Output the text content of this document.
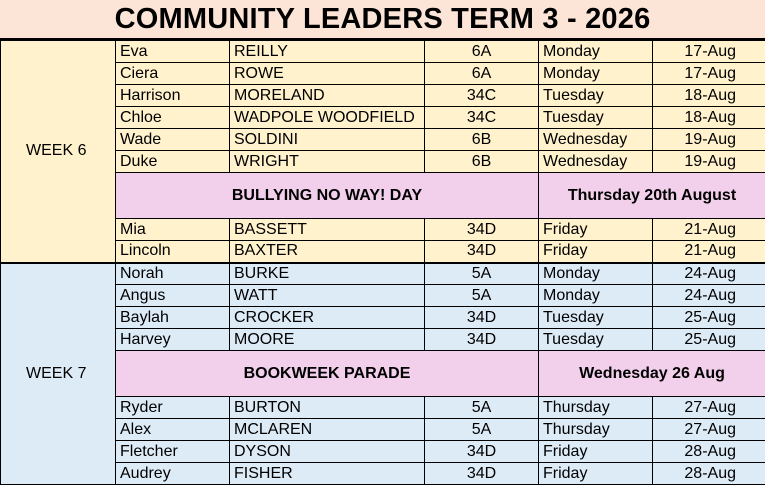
COMMUNITY LEADERS TERM 3 - 2026
WEEK 6	Eva	REILLY	6A	Monday	17-Aug
	Ciera	ROWE	6A	Monday	17-Aug
	Harrison	MORELAND	34C	Tuesday	18-Aug
	Chloe	WADPOLE WOODFIELD	34C	Tuesday	18-Aug
	Wade	SOLDINI	6B	Wednesday	19-Aug
	Duke	WRIGHT	6B	Wednesday	19-Aug
	BULLYING NO WAY! DAY			Thursday 20th August	
	Mia	BASSETT	34D	Friday	21-Aug
	Lincoln	BAXTER	34D	Friday	21-Aug
WEEK 7	Norah	BURKE	5A	Monday	24-Aug
	Angus	WATT	5A	Monday	24-Aug
	Baylah	CROCKER	34D	Tuesday	25-Aug
	Harvey	MOORE	34D	Tuesday	25-Aug
	BOOKWEEK PARADE			Wednesday 26 Aug	
	Ryder	BURTON	5A	Thursday	27-Aug
	Alex	MCLAREN	5A	Thursday	27-Aug
	Fletcher	DYSON	34D	Friday	28-Aug
	Audrey	FISHER	34D	Friday	28-Aug
